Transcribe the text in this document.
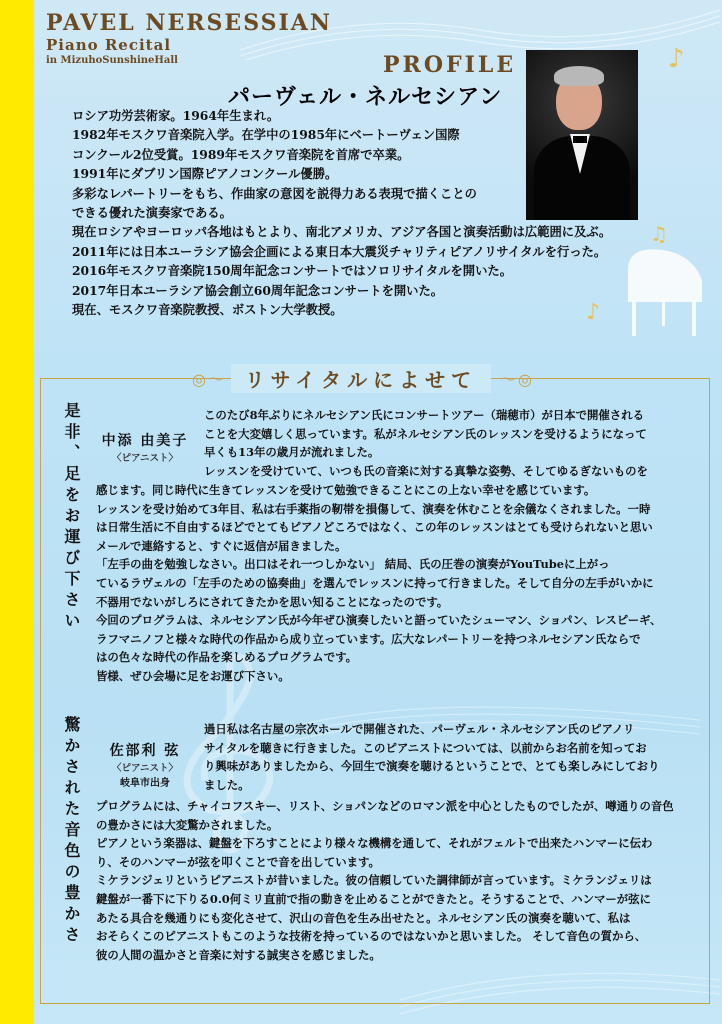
♪
♫
♪
PAVEL NERSESSIAN
Piano Recital
in MizuhoSunshineHall	PROFILE
パーヴェル・ネルセシアン

ロシア功労芸術家。1964年生まれ。

1982年モスクワ音楽院入学。在学中の1985年にベートーヴェン国際

コンクール2位受賞。1989年モスクワ音楽院を首席で卒業。

1991年にダブリン国際ピアノコンクール優勝。

多彩なレパートリーをもち、作曲家の意図を説得力ある表現で描くことの

できる優れた演奏家である。

現在ロシアやヨーロッパ各地はもとより、南北アメリカ、アジア各国と演奏活動は広範囲に及ぶ。

2011年には日本ユーラシア協会企画による東日本大震災チャリティピアノリサイタルを行った。

2016年モスクワ音楽院150周年記念コンサートではソロリサイタルを開いた。

2017年日本ユーラシア協会創立60周年記念コンサートを開いた。

現在、モスクワ音楽院教授、ボストン大学教授。

◎〜	〜◎
リサイタルによせて
是非、足をお運び下さい 中添 由美子
〈ピアニスト〉

このたび8年ぶりにネルセシアン氏にコンサートツアー（瑞穂市）が日本で開催される

ことを大変嬉しく思っています。私がネルセシアン氏のレッスンを受けるようになって

早くも13年の歳月が流れました。

レッスンを受けていて、いつも氏の音楽に対する真摯な姿勢、そしてゆるぎないものを

感じます。同じ時代に生きてレッスンを受けて勉強できることにこの上ない幸せを感じています。

レッスンを受け始めて3年目、私は右手薬指の靭帯を損傷して、演奏を休むことを余儀なくされました。一時

は日常生活に不自由するほどでとてもピアノどころではなく、この年のレッスンはとても受けられないと思い

メールで連絡すると、すぐに返信が届きました。

「左手の曲を勉強しなさい。出口はそれ一つしかない」 結局、氏の圧巻の演奏がYouTubeに上がっ

ているラヴェルの「左手のための協奏曲」を選んでレッスンに持って行きました。そして自分の左手がいかに

不器用でないがしろにされてきたかを思い知ることになったのです。

今回のプログラムは、ネルセシアン氏が今年ぜひ演奏したいと語っていたシューマン、ショパン、レスピーギ、

ラフマニノフと様々な時代の作品から成り立っています。広大なレパートリーを持つネルセシアン氏ならで

はの色々な時代の作品を楽しめるプログラムです。

皆様、ぜひ会場に足をお運び下さい。

驚かされた音色の豊かさ	佐部利 弦
〈ピアニスト〉
岐阜市出身

過日私は名古屋の宗次ホールで開催された、パーヴェル・ネルセシアン氏のピアノリ

サイタルを聴きに行きました。このピアニストについては、以前からお名前を知ってお

り興味がありましたから、今回生で演奏を聴けるということで、とても楽しみにしており

ました。

プログラムには、チャイコフスキー、リスト、ショパンなどのロマン派を中心としたものでしたが、噂通りの音色

の豊かさには大変驚かされました。

ピアノという楽器は、鍵盤を下ろすことにより様々な機構を通して、それがフェルトで出来たハンマーに伝わ

り、そのハンマーが弦を叩くことで音を出しています。

ミケランジェリというピアニストが昔いました。彼の信頼していた調律師が言っています。ミケランジェリは

鍵盤が一番下に下りる0.0何ミリ直前で指の動きを止めることができたと。そうすることで、ハンマーが弦に

あたる具合を幾通りにも変化させて、沢山の音色を生み出せたと。ネルセシアン氏の演奏を聴いて、私は

おそらくこのピアニストもこのような技術を持っているのではないかと思いました。 そして音色の質から、

彼の人間の温かさと音楽に対する誠実さを感じました。
